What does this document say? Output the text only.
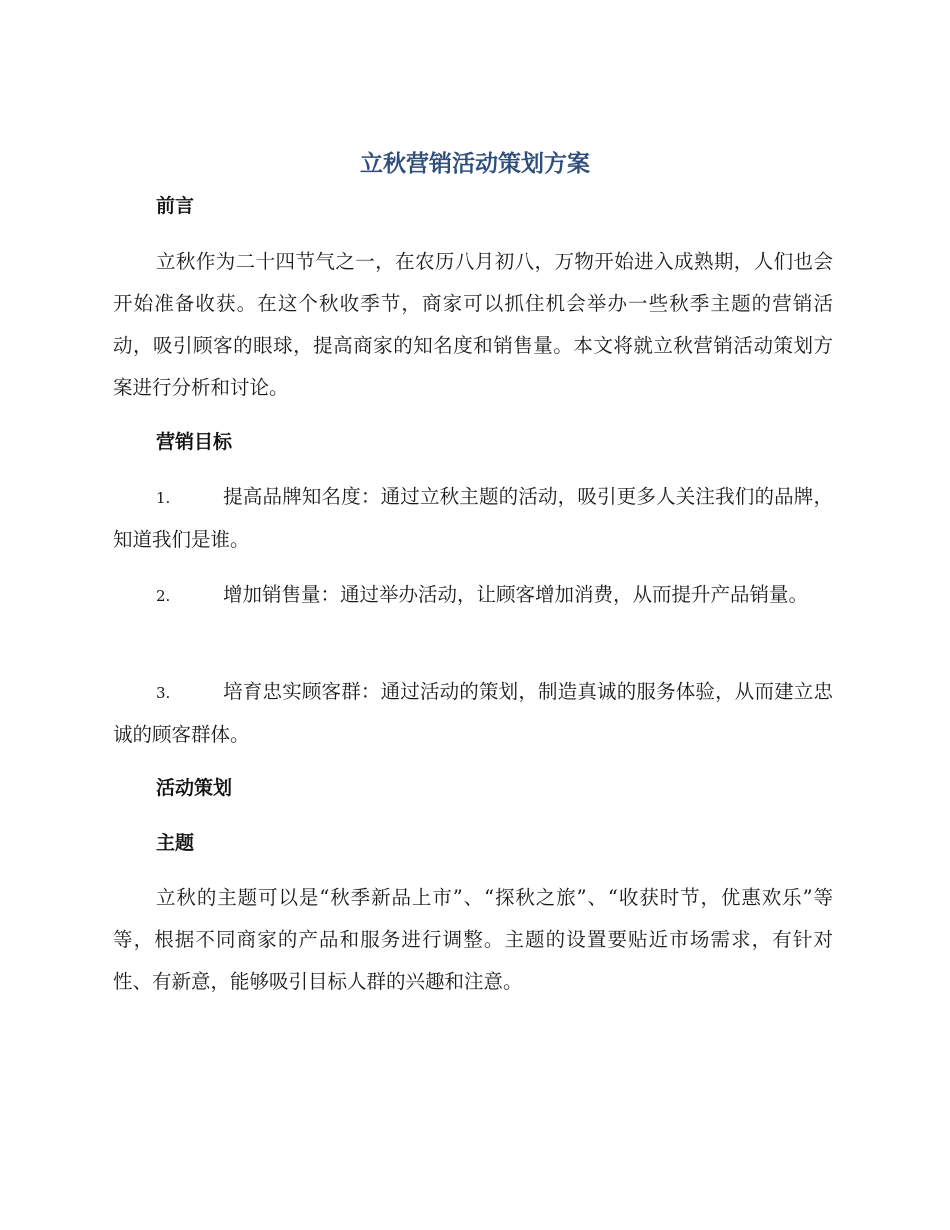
立秋营销活动策划方案
前言

立秋作为二十四节气之一，在农历八月初八，万物开始进入成熟期，人们也会开始准备收获。在这个秋收季节，商家可以抓住机会举办一些秋季主题的营销活动，吸引顾客的眼球，提高商家的知名度和销售量。本文将就立秋营销活动策划方案进行分析和讨论。

营销目标

1.	提高品牌知名度：通过立秋主题的活动，吸引更多人关注我们的品牌，知道我们是谁。

2.	增加销售量：通过举办活动，让顾客增加消费，从而提升产品销量。

3.	培育忠实顾客群：通过活动的策划，制造真诚的服务体验，从而建立忠诚的顾客群体。

活动策划
主题

立秋的主题可以是“秋季新品上市”、“探秋之旅”、“收获时节，优惠欢乐”等等，根据不同商家的产品和服务进行调整。主题的设置要贴近市场需求，有针对性、有新意，能够吸引目标人群的兴趣和注意。
